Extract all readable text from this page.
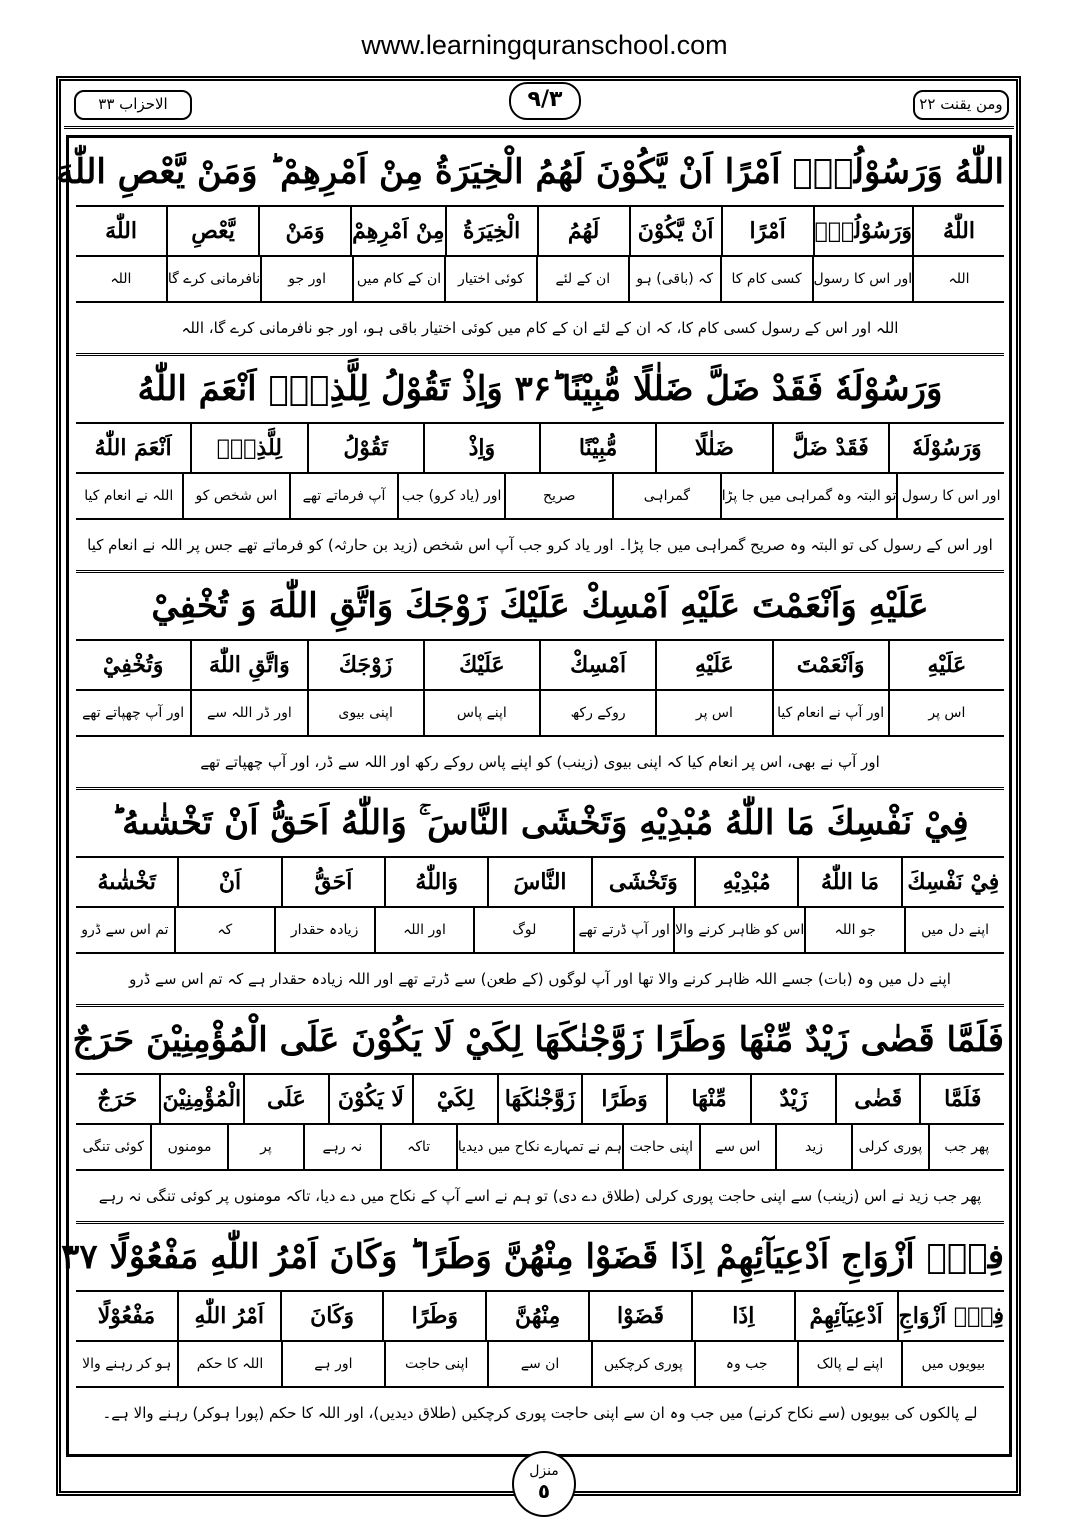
www.learningquranschool.com
الاحزاب ٣٣	ومن يقنت ٢٢
٩/٣
اللّٰهُ وَرَسُوْلُهٗۤ اَمْرًا اَنْ يَّكُوْنَ لَهُمُ الْخِيَرَةُ مِنْ اَمْرِهِمْ ؕ وَمَنْ يَّعْصِ اللّٰهَ
اللّٰهُ
وَرَسُوْلُهٗۤ
اَمْرًا
اَنْ يَّكُوْنَ
لَهُمُ
الْخِيَرَةُ
مِنْ اَمْرِهِمْ
وَمَنْ
يَّعْصِ
اللّٰهَ
اللہ
اور اس کا رسول
کسی کام کا
کہ (باقی) ہو
ان کے لئے
کوئی اختیار
ان کے کام میں
اور جو
نافرمانی کرے گا
اللہ
اللہ اور اس کے رسول کسی کام کا، کہ ان کے لئے ان کے کام میں کوئی اختیار باقی ہو، اور جو نافرمانی کرے گا، اللہ
وَرَسُوْلَهٗ فَقَدْ ضَلَّ ضَلٰلًا مُّبِيْنًا ؕ۳۶ وَاِذْ تَقُوْلُ لِلَّذِيْۤ اَنْعَمَ اللّٰهُ
وَرَسُوْلَهٗ
فَقَدْ ضَلَّ
ضَلٰلًا
مُّبِيْنًا
وَاِذْ
تَقُوْلُ
لِلَّذِيْۤ
اَنْعَمَ اللّٰهُ
اور اس کا رسول
تو البتہ وہ گمراہی میں جا پڑا
گمراہی
صریح
اور (یاد کرو) جب
آپ فرماتے تھے
اس شخص کو
اللہ نے انعام کیا
اور اس کے رسول کی تو البتہ وہ صریح گمراہی میں جا پڑا۔ اور یاد کرو جب آپ اس شخص (زید بن حارثہ) کو فرماتے تھے جس پر اللہ نے انعام کیا
عَلَيْهِ وَاَنْعَمْتَ عَلَيْهِ اَمْسِكْ عَلَيْكَ زَوْجَكَ وَاتَّقِ اللّٰهَ وَ تُخْفِيْ
عَلَيْهِ
وَاَنْعَمْتَ
عَلَيْهِ
اَمْسِكْ
عَلَيْكَ
زَوْجَكَ
وَاتَّقِ اللّٰهَ
وَتُخْفِيْ
اس پر
اور آپ نے انعام کیا
اس پر
روکے رکھ
اپنے پاس
اپنی بیوی
اور ڈر اللہ سے
اور آپ چھپاتے تھے
اور آپ نے بھی، اس پر انعام کیا کہ اپنی بیوی (زینب) کو اپنے پاس روکے رکھ اور اللہ سے ڈر، اور آپ چھپاتے تھے
فِيْ نَفْسِكَ مَا اللّٰهُ مُبْدِيْهِ وَتَخْشَى النَّاسَ ۚ وَاللّٰهُ اَحَقُّ اَنْ تَخْشٰىهُ ؕ
فِيْ نَفْسِكَ
مَا اللّٰهُ
مُبْدِيْهِ
وَتَخْشَى
النَّاسَ
وَاللّٰهُ
اَحَقُّ
اَنْ
تَخْشٰىهُ
اپنے دل میں
جو اللہ
اس کو ظاہر کرنے والا
اور آپ ڈرتے تھے
لوگ
اور اللہ
زیادہ حقدار
کہ
تم اس سے ڈرو
اپنے دل میں وہ (بات) جسے اللہ ظاہر کرنے والا تھا اور آپ لوگوں (کے طعن) سے ڈرتے تھے اور اللہ زیادہ حقدار ہے کہ تم اس سے ڈرو
فَلَمَّا قَضٰى زَيْدٌ مِّنْهَا وَطَرًا زَوَّجْنٰكَهَا لِكَيْ لَا يَكُوْنَ عَلَى الْمُؤْمِنِيْنَ حَرَجٌ
فَلَمَّا
قَضٰى
زَيْدٌ
مِّنْهَا
وَطَرًا
زَوَّجْنٰكَهَا
لِكَيْ
لَا يَكُوْنَ
عَلَى
الْمُؤْمِنِيْنَ
حَرَجٌ
پھر جب
پوری کرلی
زید
اس سے
اپنی حاجت
ہم نے تمہارے نکاح میں دیدیا
تاکہ
نہ رہے
پر
مومنوں
کوئی تنگی
پھر جب زید نے اس (زینب) سے اپنی حاجت پوری کرلی (طلاق دے دی) تو ہم نے اسے آپ کے نکاح میں دے دیا، تاکہ مومنوں پر کوئی تنگی نہ رہے
فِيْۤ اَزْوَاجِ اَدْعِيَآئِهِمْ اِذَا قَضَوْا مِنْهُنَّ وَطَرًا ؕ وَكَانَ اَمْرُ اللّٰهِ مَفْعُوْلًا ۳۷
فِيْۤ اَزْوَاجِ
اَدْعِيَآئِهِمْ
اِذَا
قَضَوْا
مِنْهُنَّ
وَطَرًا
وَكَانَ
اَمْرُ اللّٰهِ
مَفْعُوْلًا
بیویوں میں
اپنے لے پالک
جب وہ
پوری کرچکیں
ان سے
اپنی حاجت
اور ہے
اللہ کا حکم
ہو کر رہنے والا
لے پالکوں کی بیویوں (سے نکاح کرنے) میں جب وہ ان سے اپنی حاجت پوری کرچکیں (طلاق دیدیں)، اور اللہ کا حکم (پورا ہوکر) رہنے والا ہے۔
منزل
٥
